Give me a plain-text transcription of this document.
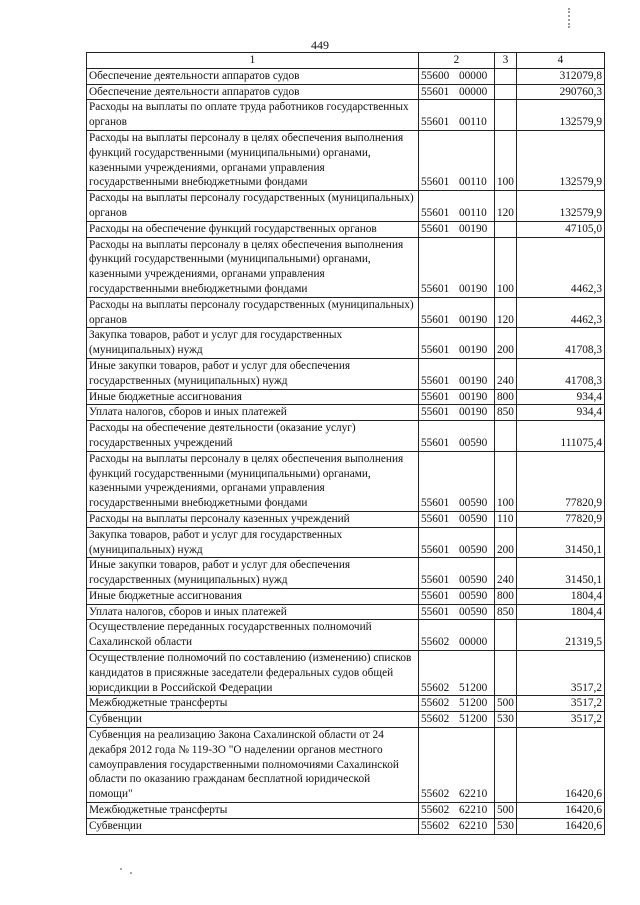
449
1	2	3	4
Обеспечение деятельности аппаратов судов	55600 00000		312079,8
Обеспечение деятельности аппаратов судов	55601 00000		290760,3
Расходы на выплаты по оплате труда работников государственных органов	55601 00110		132579,9
Расходы на выплаты персоналу в целях обеспечения выполнения функций государственными (муниципальными) органами, казенными учреждениями, органами управления государственными внебюджетными фондами	55601 00110	100	132579,9
Расходы на выплаты персоналу государственных (муниципальных) органов	55601 00110	120	132579,9
Расходы на обеспечение функций государственных органов	55601 00190		47105,0
Расходы на выплаты персоналу в целях обеспечения выполнения функций государственными (муниципальными) органами, казенными учреждениями, органами управления государственными внебюджетными фондами	55601 00190	100	4462,3
Расходы на выплаты персоналу государственных (муниципальных) органов	55601 00190	120	4462,3
Закупка товаров, работ и услуг для государственных (муниципальных) нужд	55601 00190	200	41708,3
Иные закупки товаров, работ и услуг для обеспечения государственных (муниципальных) нужд	55601 00190	240	41708,3
Иные бюджетные ассигнования	55601 00190	800	934,4
Уплата налогов, сборов и иных платежей	55601 00190	850	934,4
Расходы на обеспечение деятельности (оказание услуг) государственных учреждений	55601 00590		111075,4
Расходы на выплаты персоналу в целях обеспечения выполнения функций государственными (муниципальными) органами, казенными учреждениями, органами управления государственными внебюджетными фондами	55601 00590	100	77820,9
Расходы на выплаты персоналу казенных учреждений	55601 00590	110	77820,9
Закупка товаров, работ и услуг для государственных (муниципальных) нужд	55601 00590	200	31450,1
Иные закупки товаров, работ и услуг для обеспечения государственных (муниципальных) нужд	55601 00590	240	31450,1
Иные бюджетные ассигнования	55601 00590	800	1804,4
Уплата налогов, сборов и иных платежей	55601 00590	850	1804,4
Осуществление переданных государственных полномочий Сахалинской области	55602 00000		21319,5
Осуществление полномочий по составлению (изменению) списков кандидатов в присяжные заседатели федеральных судов общей юрисдикции в Российской Федерации	55602 51200		3517,2
Межбюджетные трансферты	55602 51200	500	3517,2
Субвенции	55602 51200	530	3517,2
Субвенция на реализацию Закона Сахалинской области от 24 декабря 2012 года № 119-ЗО "О наделении органов местного самоуправления государственными полномочиями Сахалинской области по оказанию гражданам бесплатной юридической помощи"	55602 62210		16420,6
Межбюджетные трансферты	55602 62210	500	16420,6
Субвенции	55602 62210	530	16420,6
